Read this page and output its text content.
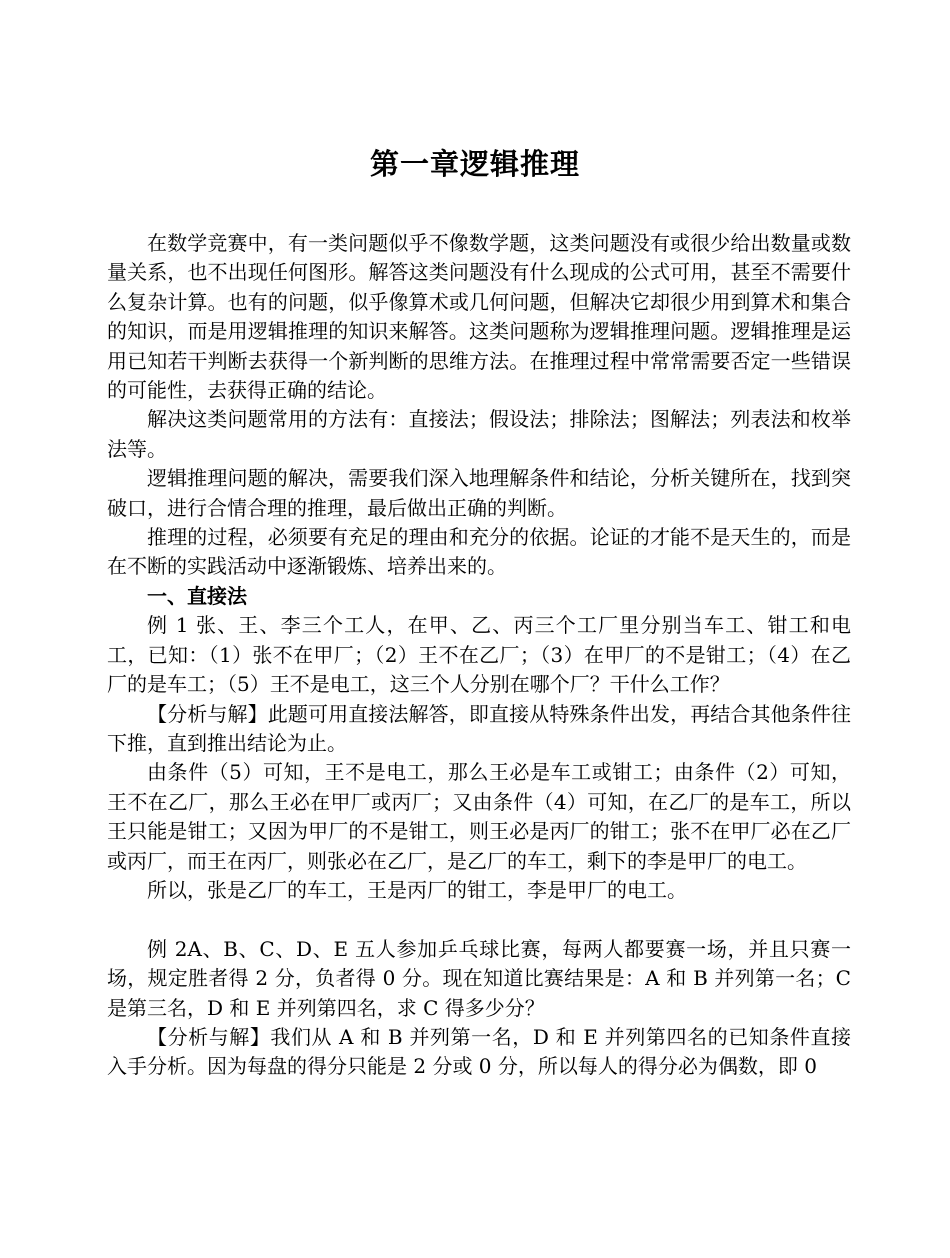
第一章逻辑推理

在数学竞赛中，有一类问题似乎不像数学题，这类问题没有或很少给出数量或数量关系，也不出现任何图形。解答这类问题没有什么现成的公式可用，甚至不需要什么复杂计算。也有的问题，似乎像算术或几何问题，但解决它却很少用到算术和集合的知识，而是用逻辑推理的知识来解答。这类问题称为逻辑推理问题。逻辑推理是运用已知若干判断去获得一个新判断的思维方法。在推理过程中常常需要否定一些错误的可能性，去获得正确的结论。

解决这类问题常用的方法有：直接法；假设法；排除法；图解法；列表法和枚举法等。

逻辑推理问题的解决，需要我们深入地理解条件和结论，分析关键所在，找到突破口，进行合情合理的推理，最后做出正确的判断。

推理的过程，必须要有充足的理由和充分的依据。论证的才能不是天生的，而是在不断的实践活动中逐渐锻炼、培养出来的。

一、直接法

例 1 张、王、李三个工人，在甲、乙、丙三个工厂里分别当车工、钳工和电工，已知：（1）张不在甲厂；（2）王不在乙厂；（3）在甲厂的不是钳工；（4）在乙厂的是车工；（5）王不是电工，这三个人分别在哪个厂？干什么工作？

【分析与解】此题可用直接法解答，即直接从特殊条件出发，再结合其他条件往下推，直到推出结论为止。

由条件（5）可知，王不是电工，那么王必是车工或钳工；由条件（2）可知，王不在乙厂，那么王必在甲厂或丙厂；又由条件（4）可知，在乙厂的是车工，所以王只能是钳工；又因为甲厂的不是钳工，则王必是丙厂的钳工；张不在甲厂必在乙厂或丙厂，而王在丙厂，则张必在乙厂，是乙厂的车工，剩下的李是甲厂的电工。

所以，张是乙厂的车工，王是丙厂的钳工，李是甲厂的电工。

例 2A、B、C、D、E 五人参加乒乓球比赛，每两人都要赛一场，并且只赛一场，规定胜者得 2 分，负者得 0 分。现在知道比赛结果是：A 和 B 并列第一名；C 是第三名，D 和 E 并列第四名，求 C 得多少分？

【分析与解】我们从 A 和 B 并列第一名，D 和 E 并列第四名的已知条件直接入手分析。因为每盘的得分只能是 2 分或 0 分，所以每人的得分必为偶数，即 0
